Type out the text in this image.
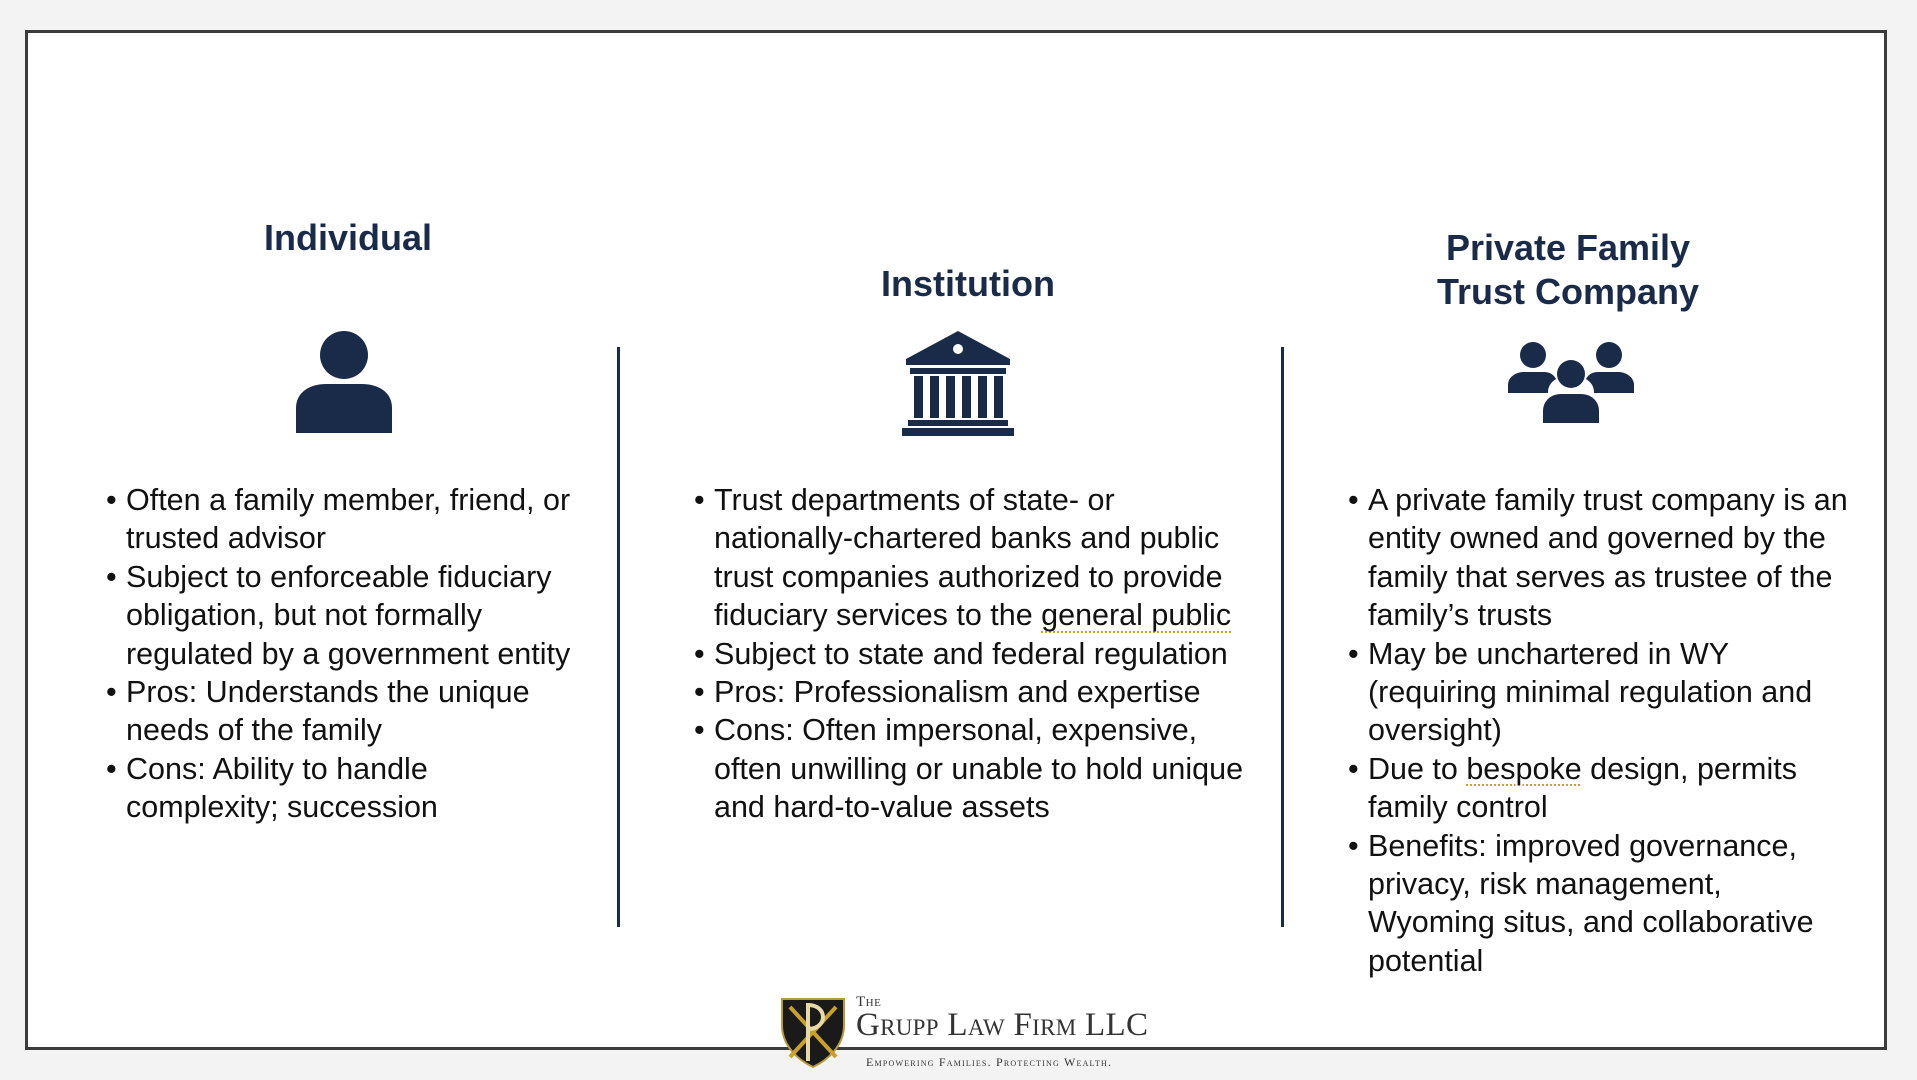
Individual
Institution
Private Family
Trust Company
• Often a family member, friend, or trusted advisor
• Subject to enforceable fiduciary obligation, but not formally regulated by a government entity
• Pros: Understands the unique needs of the family
• Cons: Ability to handle complexity; succession
• Trust departments of state- or nationally-chartered banks and public trust companies authorized to provide fiduciary services to the general public
• Subject to state and federal regulation
• Pros: Professionalism and expertise
• Cons: Often impersonal, expensive, often unwilling or unable to hold unique and hard-to-value assets
• A private family trust company is an entity owned and governed by the family that serves as trustee of the family’s trusts
• May be unchartered in WY (requiring minimal regulation and oversight)
• Due to bespoke design, permits family control
• Benefits: improved governance, privacy, risk management, Wyoming situs, and collaborative potential
The
Grupp Law Firm LLC
Empowering Families. Protecting Wealth.
